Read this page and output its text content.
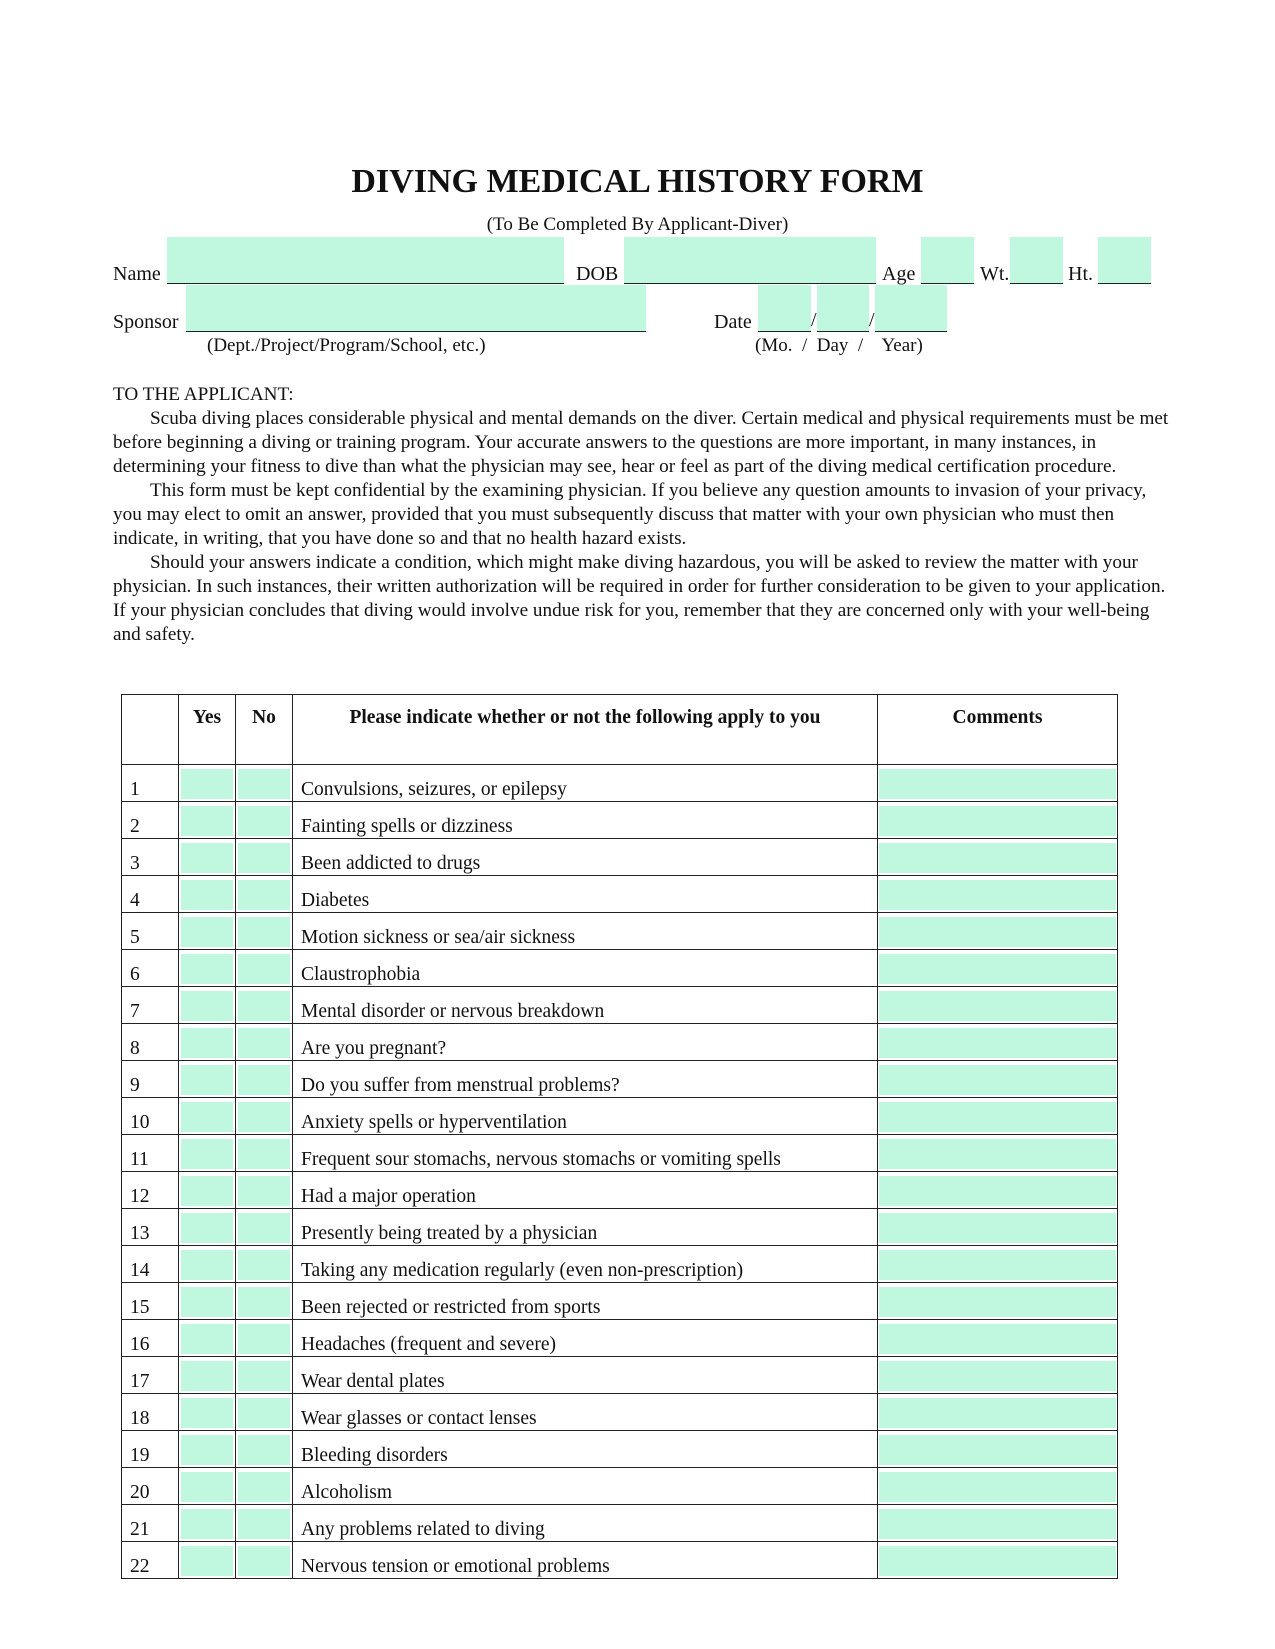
DIVING MEDICAL HISTORY FORM
(To Be Completed By Applicant-Diver)
Name	DOB	Age	Wt.	Ht.
Sponsor
(Dept./Project/Program/School, etc.)
Date	/	/
(Mo.  /  Day  /    Year)

TO THE APPLICANT:

Scuba diving places considerable physical and mental demands on the diver. Certain medical and physical requirements must be met before beginning a diving or training program. Your accurate answers to the questions are more important, in many instances, in determining your fitness to dive than what the physician may see, hear or feel as part of the diving medical certification procedure.

This form must be kept confidential by the examining physician. If you believe any question amounts to invasion of your privacy, you may elect to omit an answer, provided that you must subsequently discuss that matter with your own physician who must then indicate, in writing, that you have done so and that no health hazard exists.

Should your answers indicate a condition, which might make diving hazardous, you will be asked to review the matter with your physician. In such instances, their written authorization will be required in order for further consideration to be given to your application. If your physician concludes that diving would involve undue risk for you, remember that they are concerned only with your well-being and safety.

	Yes	No	Please indicate whether or not the following apply to you	Comments
1			Convulsions, seizures, or epilepsy	

2			Fainting spells or dizziness	

3			Been addicted to drugs	

4			Diabetes	

5			Motion sickness or sea/air sickness	

6			Claustrophobia	

7			Mental disorder or nervous breakdown	

8			Are you pregnant?	

9			Do you suffer from menstrual problems?	

10			Anxiety spells or hyperventilation	

11			Frequent sour stomachs, nervous stomachs or vomiting spells	

12			Had a major operation	

13			Presently being treated by a physician	

14			Taking any medication regularly (even non-prescription)	

15			Been rejected or restricted from sports	

16			Headaches (frequent and severe)	

17			Wear dental plates	

18			Wear glasses or contact lenses	

19			Bleeding disorders	

20			Alcoholism	

21			Any problems related to diving	

22			Nervous tension or emotional problems	
